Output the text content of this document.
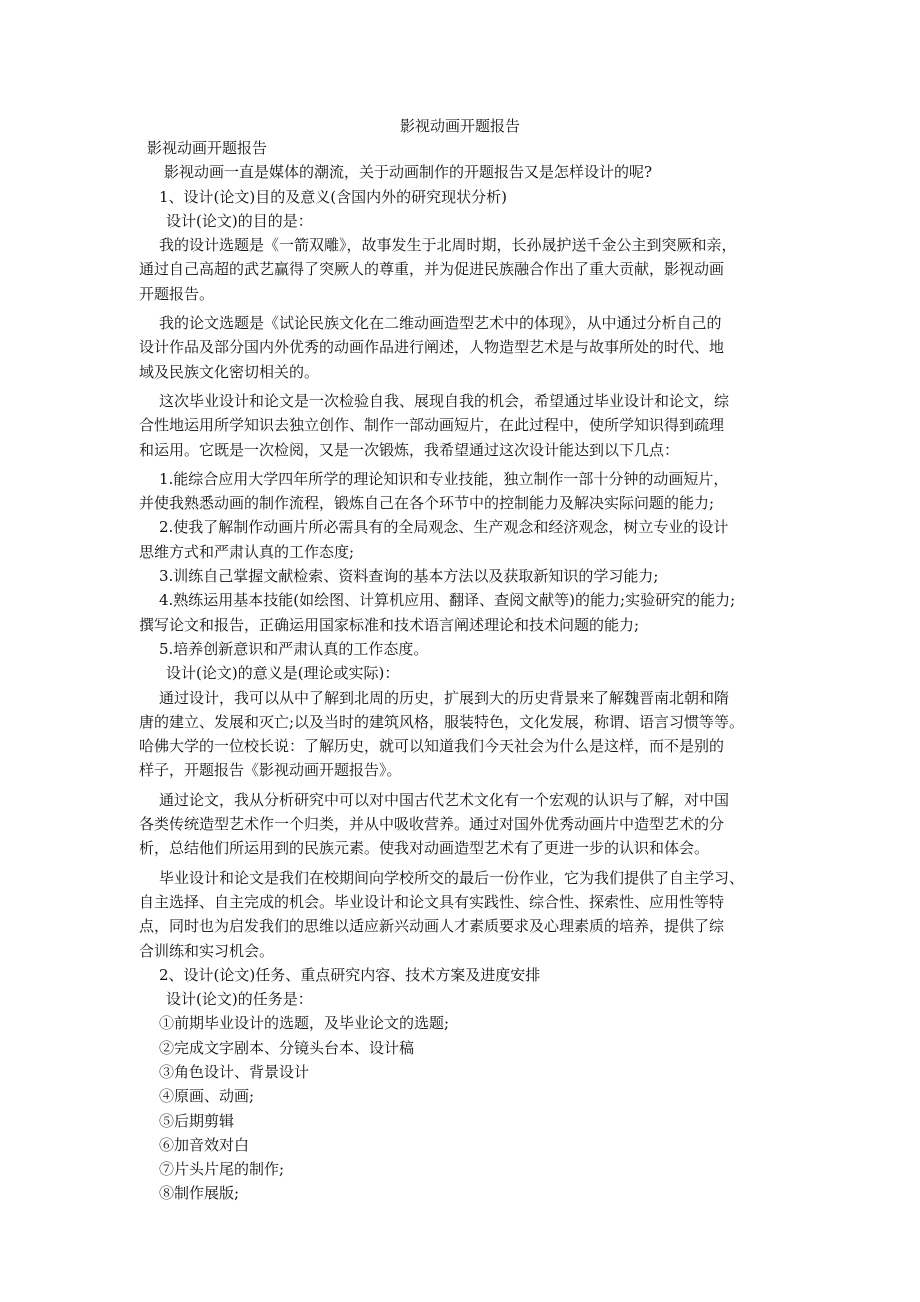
影视动画开题报告

影视动画开题报告

影视动画一直是媒体的潮流，关于动画制作的开题报告又是怎样设计的呢?

1、设计(论文)目的及意义(含国内外的研究现状分析)

设计(论文)的目的是：

我的设计选题是《一箭双雕》，故事发生于北周时期，长孙晟护送千金公主到突厥和亲，

通过自己高超的武艺赢得了突厥人的尊重，并为促进民族融合作出了重大贡献，影视动画

开题报告。

我的论文选题是《试论民族文化在二维动画造型艺术中的体现》，从中通过分析自己的

设计作品及部分国内外优秀的动画作品进行阐述，人物造型艺术是与故事所处的时代、地

域及民族文化密切相关的。

这次毕业设计和论文是一次检验自我、展现自我的机会，希望通过毕业设计和论文，综

合性地运用所学知识去独立创作、制作一部动画短片，在此过程中，使所学知识得到疏理

和运用。它既是一次检阅，又是一次锻炼，我希望通过这次设计能达到以下几点：

1.能综合应用大学四年所学的理论知识和专业技能，独立制作一部十分钟的动画短片，

并使我熟悉动画的制作流程，锻炼自己在各个环节中的控制能力及解决实际问题的能力;

2.使我了解制作动画片所必需具有的全局观念、生产观念和经济观念，树立专业的设计

思维方式和严肃认真的工作态度;

3.训练自己掌握文献检索、资料查询的基本方法以及获取新知识的学习能力;

4.熟练运用基本技能(如绘图、计算机应用、翻译、查阅文献等)的能力;实验研究的能力;

撰写论文和报告，正确运用国家标准和技术语言阐述理论和技术问题的能力;

5.培养创新意识和严肃认真的工作态度。

设计(论文)的意义是(理论或实际)：

通过设计，我可以从中了解到北周的历史，扩展到大的历史背景来了解魏晋南北朝和隋

唐的建立、发展和灭亡;以及当时的建筑风格，服装特色，文化发展，称谓、语言习惯等等。

哈佛大学的一位校长说：了解历史，就可以知道我们今天社会为什么是这样，而不是别的

样子，开题报告《影视动画开题报告》。

通过论文，我从分析研究中可以对中国古代艺术文化有一个宏观的认识与了解，对中国

各类传统造型艺术作一个归类，并从中吸收营养。通过对国外优秀动画片中造型艺术的分

析，总结他们所运用到的民族元素。使我对动画造型艺术有了更进一步的认识和体会。

毕业设计和论文是我们在校期间向学校所交的最后一份作业，它为我们提供了自主学习、

自主选择、自主完成的机会。毕业设计和论文具有实践性、综合性、探索性、应用性等特

点，同时也为启发我们的思维以适应新兴动画人才素质要求及心理素质的培养，提供了综

合训练和实习机会。

2、设计(论文)任务、重点研究内容、技术方案及进度安排

设计(论文)的任务是：

①前期毕业设计的选题，及毕业论文的选题;

②完成文字剧本、分镜头台本、设计稿

③角色设计、背景设计

④原画、动画;

⑤后期剪辑

⑥加音效对白

⑦片头片尾的制作;

⑧制作展版;
